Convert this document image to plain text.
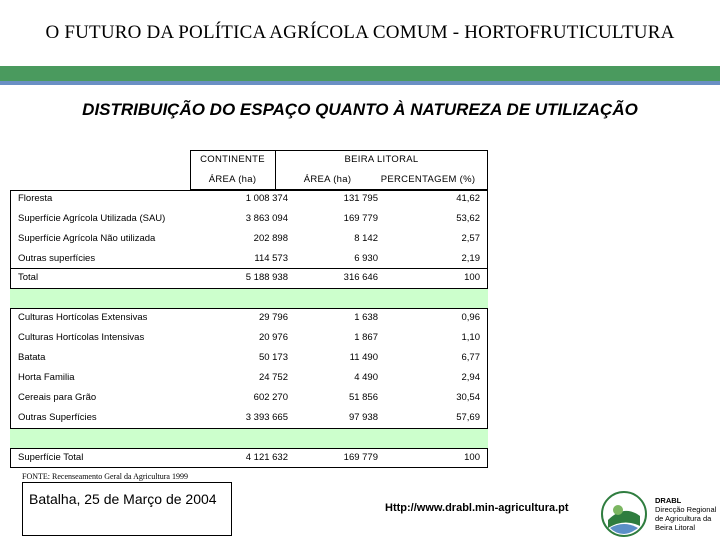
O FUTURO DA POLÍTICA AGRÍCOLA COMUM - HORTOFRUTICULTURA
DISTRIBUIÇÃO DO ESPAÇO QUANTO À NATUREZA DE UTILIZAÇÃO
CONTINENTE	BEIRA LITORAL
ÁREA (ha)	ÁREA (ha)	PERCENTAGEM (%)
Floresta	1 008 374	131 795	41,62
Superfície Agrícola Utilizada (SAU)	3 863 094	169 779	53,62
Superfície Agrícola Não utilizada	202 898	8 142	2,57
Outras superfícies	114 573	6 930	2,19
Total	5 188 938	316 646	100
Culturas Hortícolas Extensivas	29 796	1 638	0,96
Culturas Hortícolas Intensivas	20 976	1 867	1,10
Batata	50 173	11 490	6,77
Horta Familia	24 752	4 490	2,94
Cereais para Grão	602 270	51 856	30,54
Outras Superfícies	3 393 665	97 938	57,69
Superfície Total	4 121 632	169 779	100
FONTE: Recenseamento Geral da Agricultura 1999
Batalha, 25 de Março de 2004
Http://www.drabl.min-agricultura.pt
DRABL
Direcção Regional
de Agricultura da
Beira Litoral
